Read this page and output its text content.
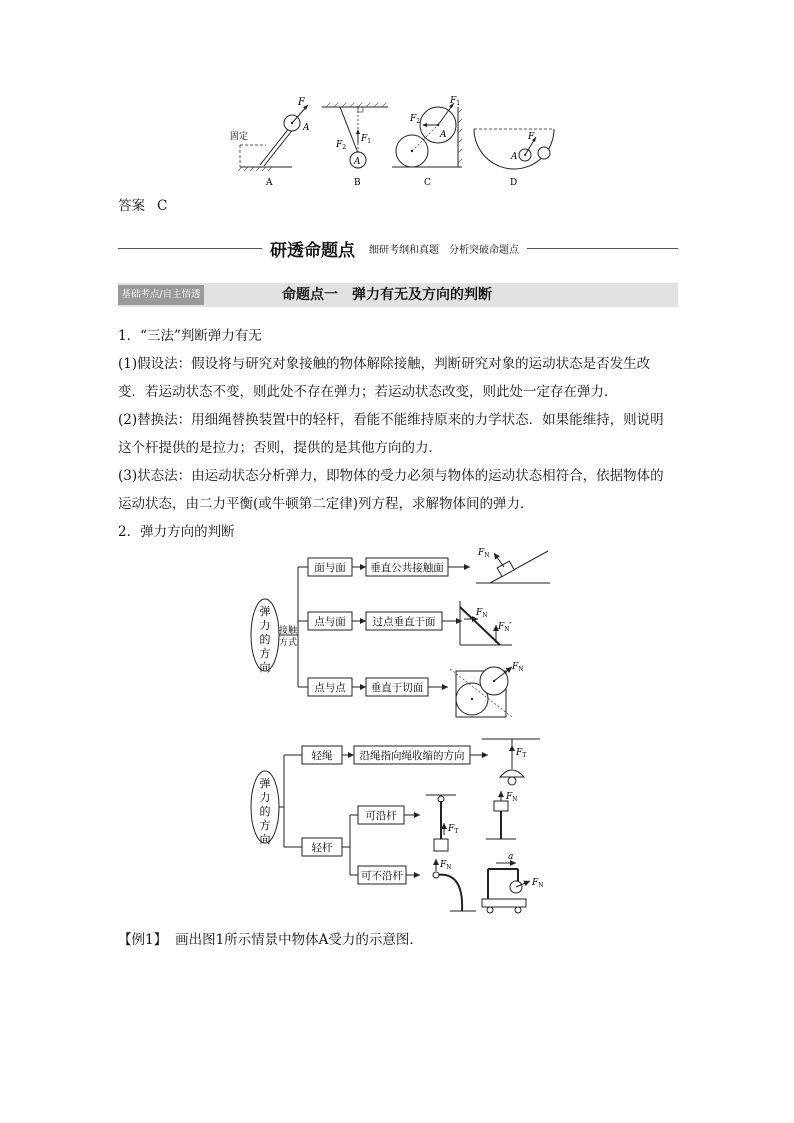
F
A
固定
A
A
$F_1$
$F_2$
B
$F_1$
$F_2$
A
C
F
A
D
答案 C
研透命题点 细研考纲和真题　分析突破命题点
基础考点/自主悟透	命题点一　弹力有无及方向的判断
1．“三法”判断弹力有无
(1)假设法：假设将与研究对象接触的物体解除接触，判断研究对象的运动状态是否发生改
变．若运动状态不变，则此处不存在弹力；若运动状态改变，则此处一定存在弹力．
(2)替换法：用细绳替换装置中的轻杆，看能不能维持原来的力学状态．如果能维持，则说明
这个杆提供的是拉力；否则，提供的是其他方向的力．
(3)状态法：由运动状态分析弹力，即物体的受力必须与物体的运动状态相符合，依据物体的
运动状态，由二力平衡(或牛顿第二定律)列方程，求解物体间的弹力．
2．弹力方向的判断
弹
力
的
方
向
接触
方式
面与面 垂直公共接触面
点与面	过点垂直于面
点与点 垂直于切面
$F_N$
$F_N$
$F_N'$
$F_N$
弹
力
的
方
向
轻绳	沿绳指向绳收缩的方向
轻杆
可沿杆
可不沿杆
$F_T$
$F_T$
$F_N$
$F_N$
$F_N$
a
【例1】 画出图1所示情景中物体A受力的示意图．
